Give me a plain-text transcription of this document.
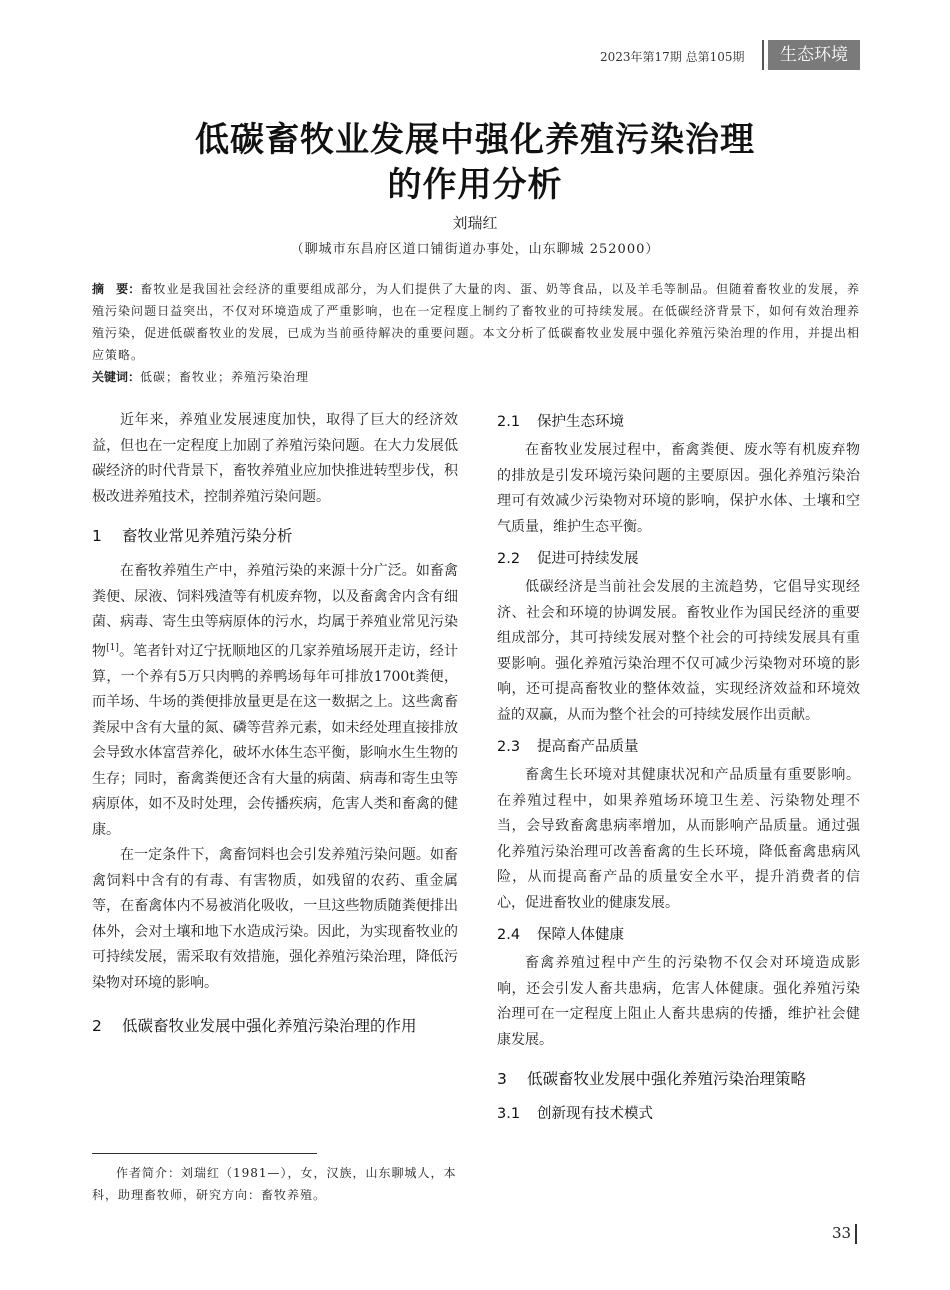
2023年第17期 总第105期	生态环境
低碳畜牧业发展中强化养殖污染治理
的作用分析
刘瑞红
（聊城市东昌府区道口铺街道办事处，山东聊城 252000）
摘　要：畜牧业是我国社会经济的重要组成部分，为人们提供了大量的肉、蛋、奶等食品，以及羊毛等制品。但随着畜牧业的发展，养殖污染问题日益突出，不仅对环境造成了严重影响，也在一定程度上制约了畜牧业的可持续发展。在低碳经济背景下，如何有效治理养殖污染，促进低碳畜牧业的发展，已成为当前亟待解决的重要问题。本文分析了低碳畜牧业发展中强化养殖污染治理的作用，并提出相应策略。
关键词：低碳；畜牧业；养殖污染治理

近年来，养殖业发展速度加快，取得了巨大的经济效益，但也在一定程度上加剧了养殖污染问题。在大力发展低碳经济的时代背景下，畜牧养殖业应加快推进转型步伐，积极改进养殖技术，控制养殖污染问题。

1 畜牧业常见养殖污染分析

在畜牧养殖生产中，养殖污染的来源十分广泛。如畜禽粪便、尿液、饲料残渣等有机废弃物，以及畜禽舍内含有细菌、病毒、寄生虫等病原体的污水，均属于养殖业常见污染物[1]。笔者针对辽宁抚顺地区的几家养殖场展开走访，经计算，一个养有5万只肉鸭的养鸭场每年可排放1700t粪便，而羊场、牛场的粪便排放量更是在这一数据之上。这些禽畜粪尿中含有大量的氮、磷等营养元素，如未经处理直接排放会导致水体富营养化，破坏水体生态平衡，影响水生生物的生存；同时，畜禽粪便还含有大量的病菌、病毒和寄生虫等病原体，如不及时处理，会传播疾病，危害人类和畜禽的健康。

在一定条件下，禽畜饲料也会引发养殖污染问题。如畜禽饲料中含有的有毒、有害物质，如残留的农药、重金属等，在畜禽体内不易被消化吸收，一旦这些物质随粪便排出体外，会对土壤和地下水造成污染。因此，为实现畜牧业的可持续发展，需采取有效措施，强化养殖污染治理，降低污染物对环境的影响。

2 低碳畜牧业发展中强化养殖污染治理的作用
作者简介：刘瑞红（1981—），女，汉族，山东聊城人，本科，助理畜牧师，研究方向：畜牧养殖。
2.1 保护生态环境

在畜牧业发展过程中，畜禽粪便、废水等有机废弃物的排放是引发环境污染问题的主要原因。强化养殖污染治理可有效减少污染物对环境的影响，保护水体、土壤和空气质量，维护生态平衡。

2.2 促进可持续发展

低碳经济是当前社会发展的主流趋势，它倡导实现经济、社会和环境的协调发展。畜牧业作为国民经济的重要组成部分，其可持续发展对整个社会的可持续发展具有重要影响。强化养殖污染治理不仅可减少污染物对环境的影响，还可提高畜牧业的整体效益，实现经济效益和环境效益的双赢，从而为整个社会的可持续发展作出贡献。

2.3 提高畜产品质量

畜禽生长环境对其健康状况和产品质量有重要影响。在养殖过程中，如果养殖场环境卫生差、污染物处理不当，会导致畜禽患病率增加，从而影响产品质量。通过强化养殖污染治理可改善畜禽的生长环境，降低畜禽患病风险，从而提高畜产品的质量安全水平，提升消费者的信心，促进畜牧业的健康发展。

2.4 保障人体健康

畜禽养殖过程中产生的污染物不仅会对环境造成影响，还会引发人畜共患病，危害人体健康。强化养殖污染治理可在一定程度上阻止人畜共患病的传播，维护社会健康发展。

3 低碳畜牧业发展中强化养殖污染治理策略
3.1 创新现有技术模式
33
